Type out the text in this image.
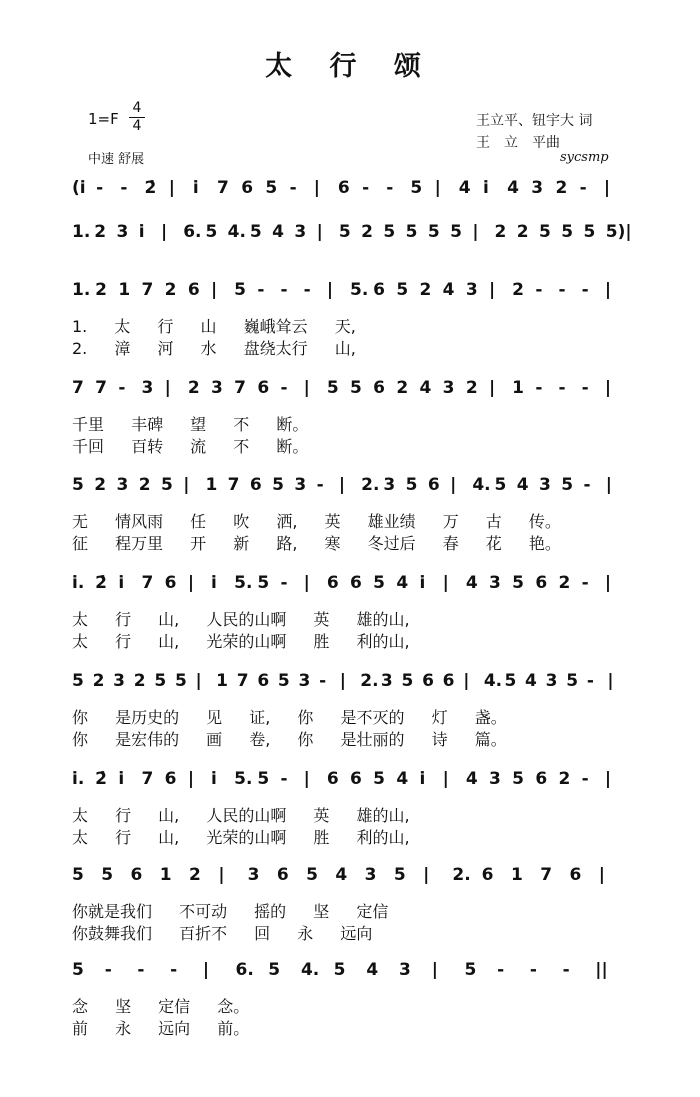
太 行 颂
1=F
4
4
中速 舒展
王立平、钮宇大 词
王　立　平曲
sycsmp
(i̇ - - 2̇ | i̇ 7 6 5 - | 6 - - 5 | 4 i̇ 4 3 2 - |
1. 2 3 i̇ | 6. 5 4. 5 4 3 | 5 2 5 5 5 5 | 2 2 5 5 5 5)|
1. 2 1 7 2 6 | 5 - - - | 5. 6 5 2 4 3 | 2 - - - |
1. 太 行 山 巍峨耸云 天,
2. 漳 河 水 盘绕太行 山,
7 7 - 3 | 2 3 7 6 - | 5 5 6 2 4 3 2 | 1 - - - |
千里 丰碑 望 不 断。
千回 百转 流 不 断。
5 2 3 2 5 | 1 7 6 5 3 - | 2. 3 5 6 | 4. 5 4 3 5 - |
无 情风雨 任 吹 洒, 英 雄业绩 万 古 传。
征 程万里 开 新 路, 寒 冬过后 春 花 艳。
i̇. 2̇ i̇ 7 6 | i̇ 5. 5 - | 6 6 5 4 i̇ | 4 3 5 6 2 - |
太 行 山, 人民的山啊 英 雄的山,
太 行 山, 光荣的山啊 胜 利的山,
5 2 3 2 5 5 | 1 7 6 5 3 - | 2. 3 5 6 6 | 4. 5 4 3 5 - |
你 是历史的 见 证, 你 是不灭的 灯 盏。
你 是宏伟的 画 卷, 你 是壮丽的 诗 篇。
i̇. 2̇ i̇ 7 6 | i̇ 5. 5 - | 6 6 5 4 i̇ | 4 3 5 6 2 - |
太 行 山, 人民的山啊 英 雄的山,
太 行 山, 光荣的山啊 胜 利的山,
5 5 6 1 2 | 3 6 5 4 3 5 | 2. 6 1 7 6 |
你就是我们 不可动 摇的 坚 定信
你鼓舞我们 百折不 回 永 远向
5 - - - | 6. 5 4. 5 4 3 | 5 - - - ||
念 坚 定信 念。
前 永 远向 前。
